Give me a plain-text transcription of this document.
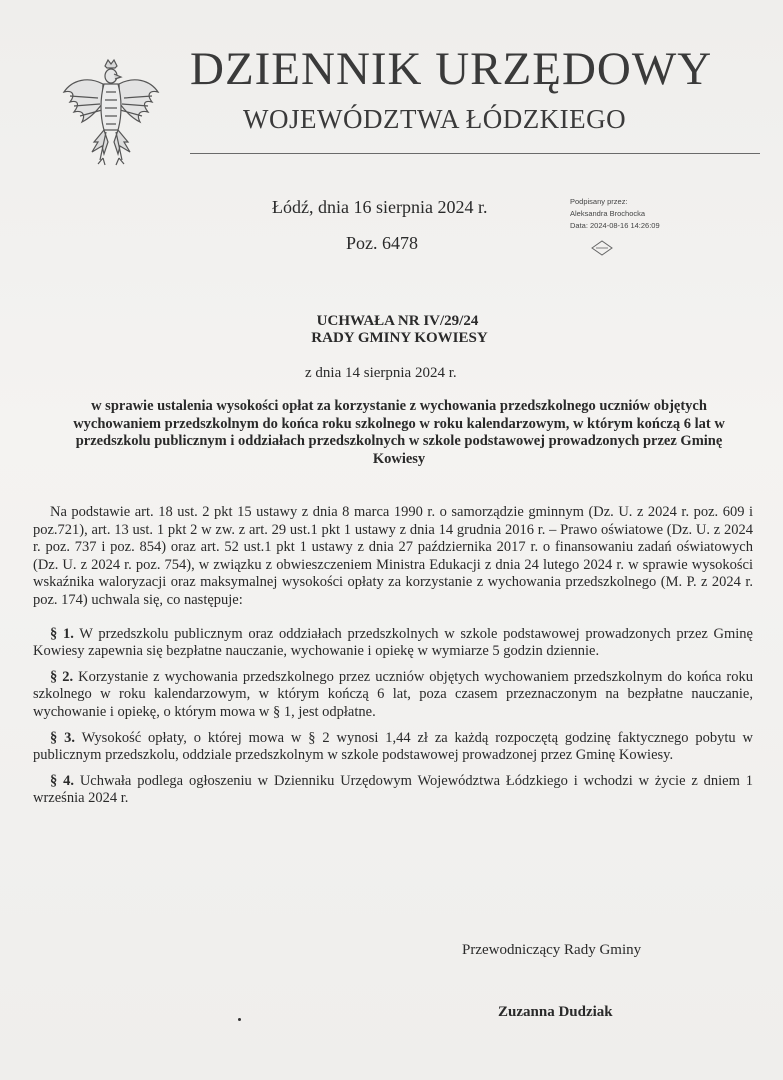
DZIENNIK URZĘDOWY
WOJEWÓDZTWA ŁÓDZKIEGO
Łódź, dnia 16 sierpnia 2024 r.
Poz. 6478
Podpisany przez:
Aleksandra Brochocka
Data: 2024-08-16 14:26:09
UCHWAŁA NR IV/29/24
RADY GMINY KOWIESY
z dnia 14 sierpnia 2024 r.
w sprawie ustalenia wysokości opłat za korzystanie z wychowania przedszkolnego uczniów objętych wychowaniem przedszkolnym do końca roku szkolnego w roku kalendarzowym, w którym kończą 6 lat w przedszkolu publicznym i oddziałach przedszkolnych w szkole podstawowej prowadzonych przez Gminę Kowiesy

Na podstawie art. 18 ust. 2 pkt 15 ustawy z dnia 8 marca 1990 r. o samorządzie gminnym (Dz. U. z 2024 r. poz. 609 i poz.721), art. 13 ust. 1 pkt 2 w zw. z art. 29 ust.1 pkt 1 ustawy z dnia 14 grudnia 2016 r. – Prawo oświatowe (Dz. U. z 2024 r. poz. 737 i poz. 854) oraz art. 52 ust.1 pkt 1 ustawy z dnia 27 października 2017 r. o finansowaniu zadań oświatowych (Dz. U. z 2024 r. poz. 754), w związku z obwieszczeniem Ministra Edukacji z dnia 24 lutego 2024 r. w sprawie wysokości wskaźnika waloryzacji oraz maksymalnej wysokości opłaty za korzystanie z wychowania przedszkolnego (M. P. z 2024 r. poz. 174) uchwala się, co następuje:

§ 1. W przedszkolu publicznym oraz oddziałach przedszkolnych w szkole podstawowej prowadzonych przez Gminę Kowiesy zapewnia się bezpłatne nauczanie, wychowanie i opiekę w wymiarze 5 godzin dziennie.

§ 2. Korzystanie z wychowania przedszkolnego przez uczniów objętych wychowaniem przedszkolnym do końca roku szkolnego w roku kalendarzowym, w którym kończą 6 lat, poza czasem przeznaczonym na bezpłatne nauczanie, wychowanie i opiekę, o którym mowa w § 1, jest odpłatne.

§ 3. Wysokość opłaty, o której mowa w § 2 wynosi 1,44 zł za każdą rozpoczętą godzinę faktycznego pobytu w publicznym przedszkolu, oddziale przedszkolnym w szkole podstawowej prowadzonej przez Gminę Kowiesy.

§ 4. Uchwała podlega ogłoszeniu w Dzienniku Urzędowym Województwa Łódzkiego i wchodzi w życie z dniem 1 września 2024 r.

Przewodniczący Rady Gminy
Zuzanna Dudziak
